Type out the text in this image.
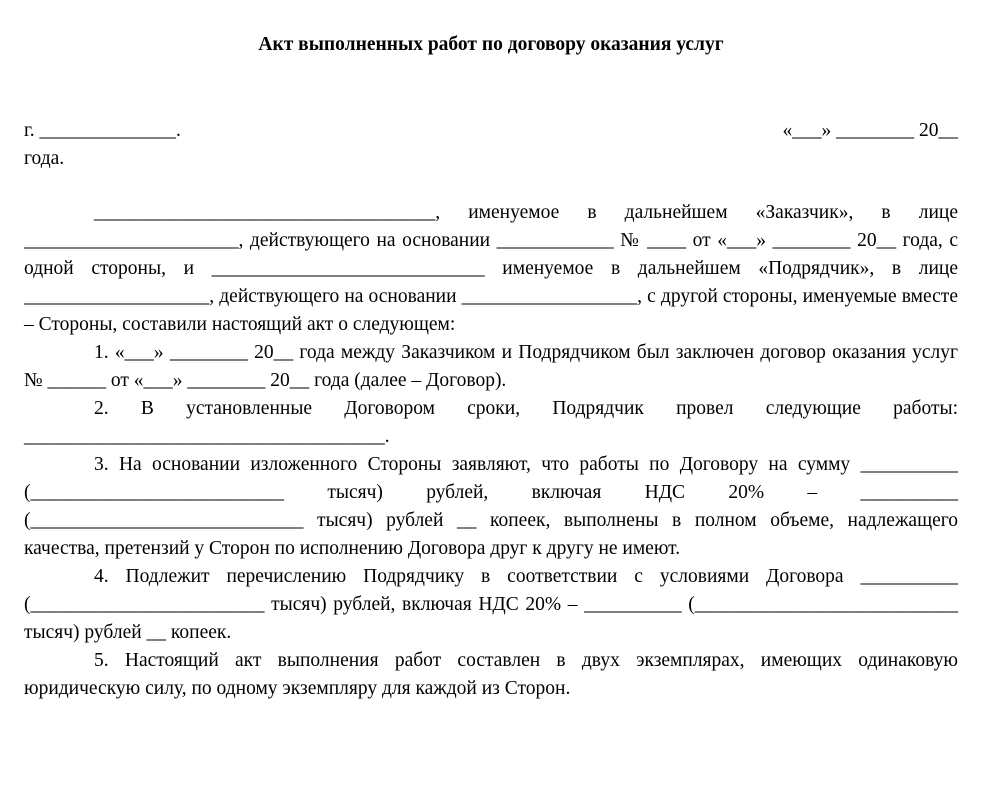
Акт выполненных работ по договору оказания услуг
г. ______________.	«___» ________ 20__
года.

___________________________________, именуемое в дальнейшем «Заказчик», в лице ______________________, действующего на основании ____________ № ____ от «___» ________ 20__ года, с одной стороны, и ____________________________ именуемое в дальнейшем «Подрядчик», в лице ___________________, действующего на основании __________________, с другой стороны, именуемые вместе – Стороны, составили настоящий акт о следующем:

1. «___» ________ 20__ года между Заказчиком и Подрядчиком был заключен договор оказания услуг № ______ от «___» ________ 20__ года (далее – Договор).

2. В установленные Договором сроки, Подрядчик провел следующие работы: _____________________________________.

3. На основании изложенного Стороны заявляют, что работы по Договору на сумму __________ (__________________________ тысяч) рублей, включая НДС 20% – __________ (____________________________ тысяч) рублей __ копеек, выполнены в полном объеме, надлежащего качества, претензий у Сторон по исполнению Договора друг к другу не имеют.

4. Подлежит перечислению Подрядчику в соответствии с условиями Договора __________ (________________________ тысяч) рублей, включая НДС 20% – __________ (___________________________ тысяч) рублей __ копеек.

5. Настоящий акт выполнения работ составлен в двух экземплярах, имеющих одинаковую юридическую силу, по одному экземпляру для каждой из Сторон.
